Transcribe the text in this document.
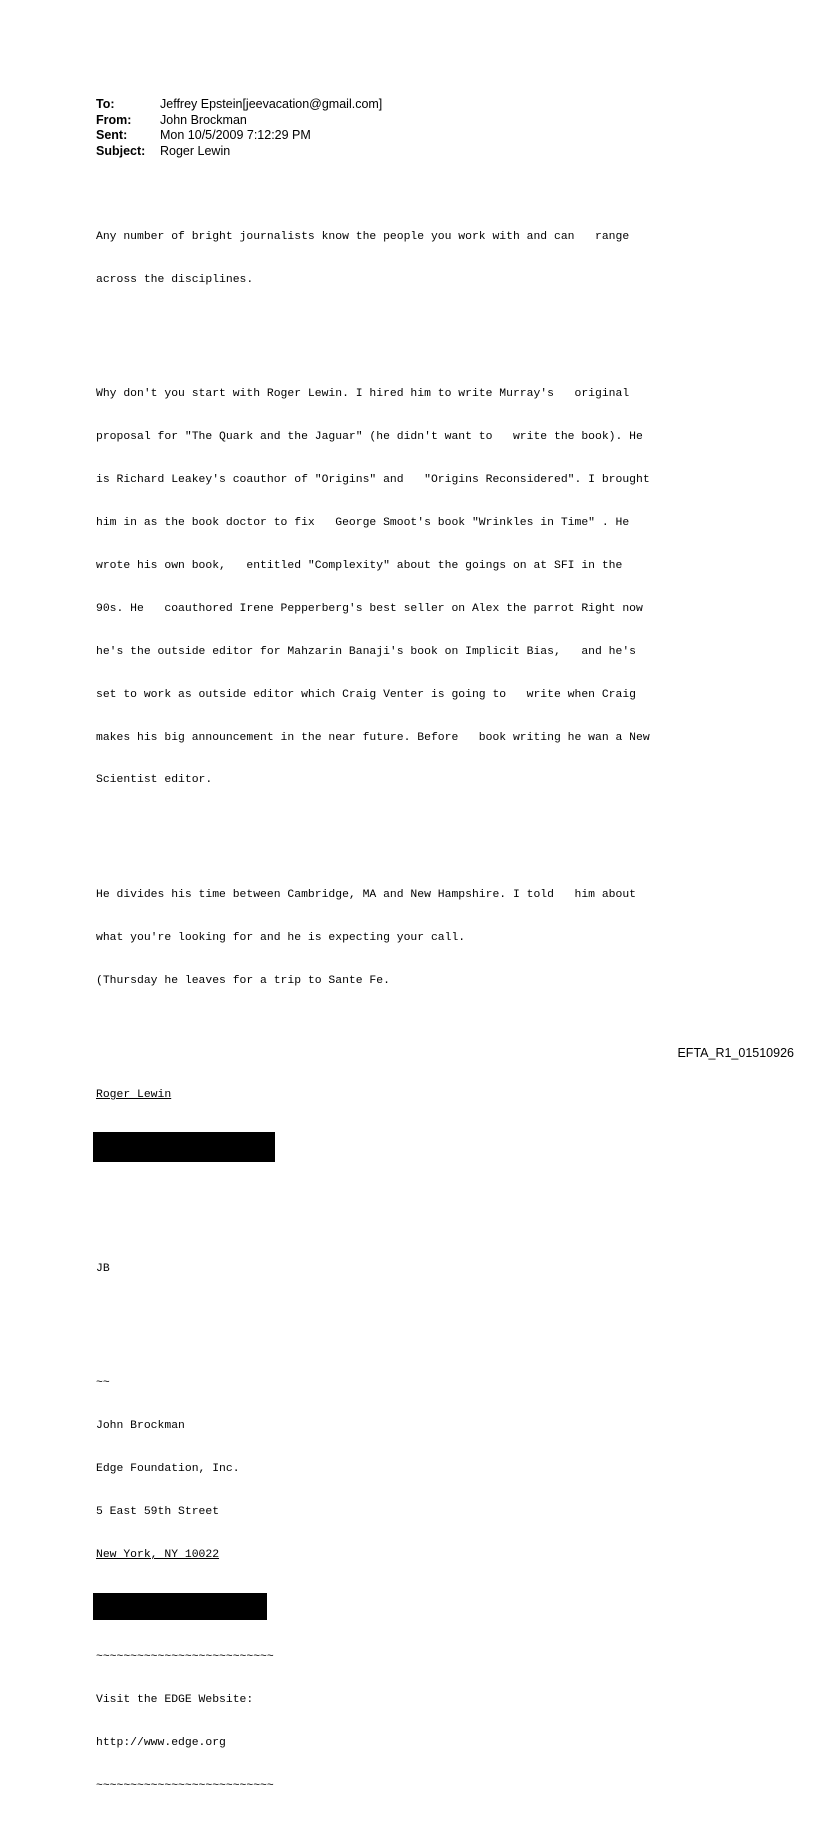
To:	Jeffrey Epstein[jeevacation@gmail.com]
From:	John Brockman
Sent:	Mon 10/5/2009 7:12:29 PM
Subject:	Roger Lewin

Any number of bright journalists know the people you work with and can   range

across the disciplines.

Why don't you start with Roger Lewin. I hired him to write Murray's   original

proposal for "The Quark and the Jaguar" (he didn't want to   write the book). He

is Richard Leakey's coauthor of "Origins" and   "Origins Reconsidered". I brought

him in as the book doctor to fix   George Smoot's book "Wrinkles in Time" . He

wrote his own book,   entitled "Complexity" about the goings on at SFI in the

90s. He   coauthored Irene Pepperberg's best seller on Alex the parrot Right now

he's the outside editor for Mahzarin Banaji's book on Implicit Bias,   and he's

set to work as outside editor which Craig Venter is going to   write when Craig

makes his big announcement in the near future. Before   book writing he wan a New

Scientist editor.

He divides his time between Cambridge, MA and New Hampshire. I told   him about

what you're looking for and he is expecting your call.

(Thursday he leaves for a trip to Sante Fe.

Roger Lewin

JB

~~

John Brockman

Edge Foundation, Inc.

5 East 59th Street

New York, NY 10022

~~~~~~~~~~~~~~~~~~~~~~~~~~

Visit the EDGE Website:

http://www.edge.org

~~~~~~~~~~~~~~~~~~~~~~~~~~

EFTA_R1_01510926
